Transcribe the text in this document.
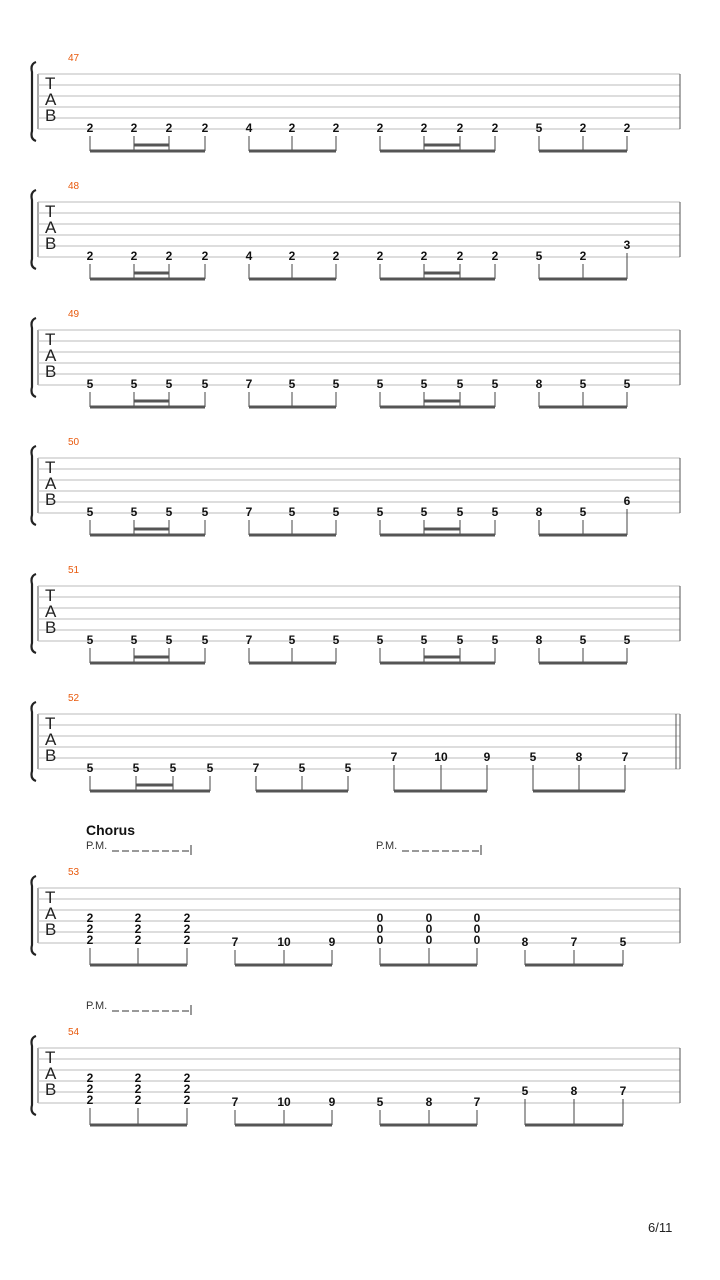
T
A
B
47
2	2 2 2	4	2	2	2	2 2 2	5	2	2
T
A
B
48
2	2 2 2	4	2	2	2	2 2 2	5	2
3
T
A
B
49
5	5 5 5	7	5	5	5	5 5 5	8	5	5
T
A
B
50
5	5 5 5	7	5	5	5	5 5 5	8	5
6
T
A
B
51
5	5 5 5	7	5	5	5	5 5 5	8	5	5
T
A
B
52
5	5	5	5	7	5	5
7	10	9	5	8	7
T
A
B
53
Chorus
P.M.	P.M.
2
2
2
2
2
2
2
2
2	7	10	9
0
0
0
0
0
0
0
0
0	8	7	5
T
A
B
54
P.M.
2
2
2
2
2
2
2
2
2	7	10	9	5	8	7
5	8	7
6/11
